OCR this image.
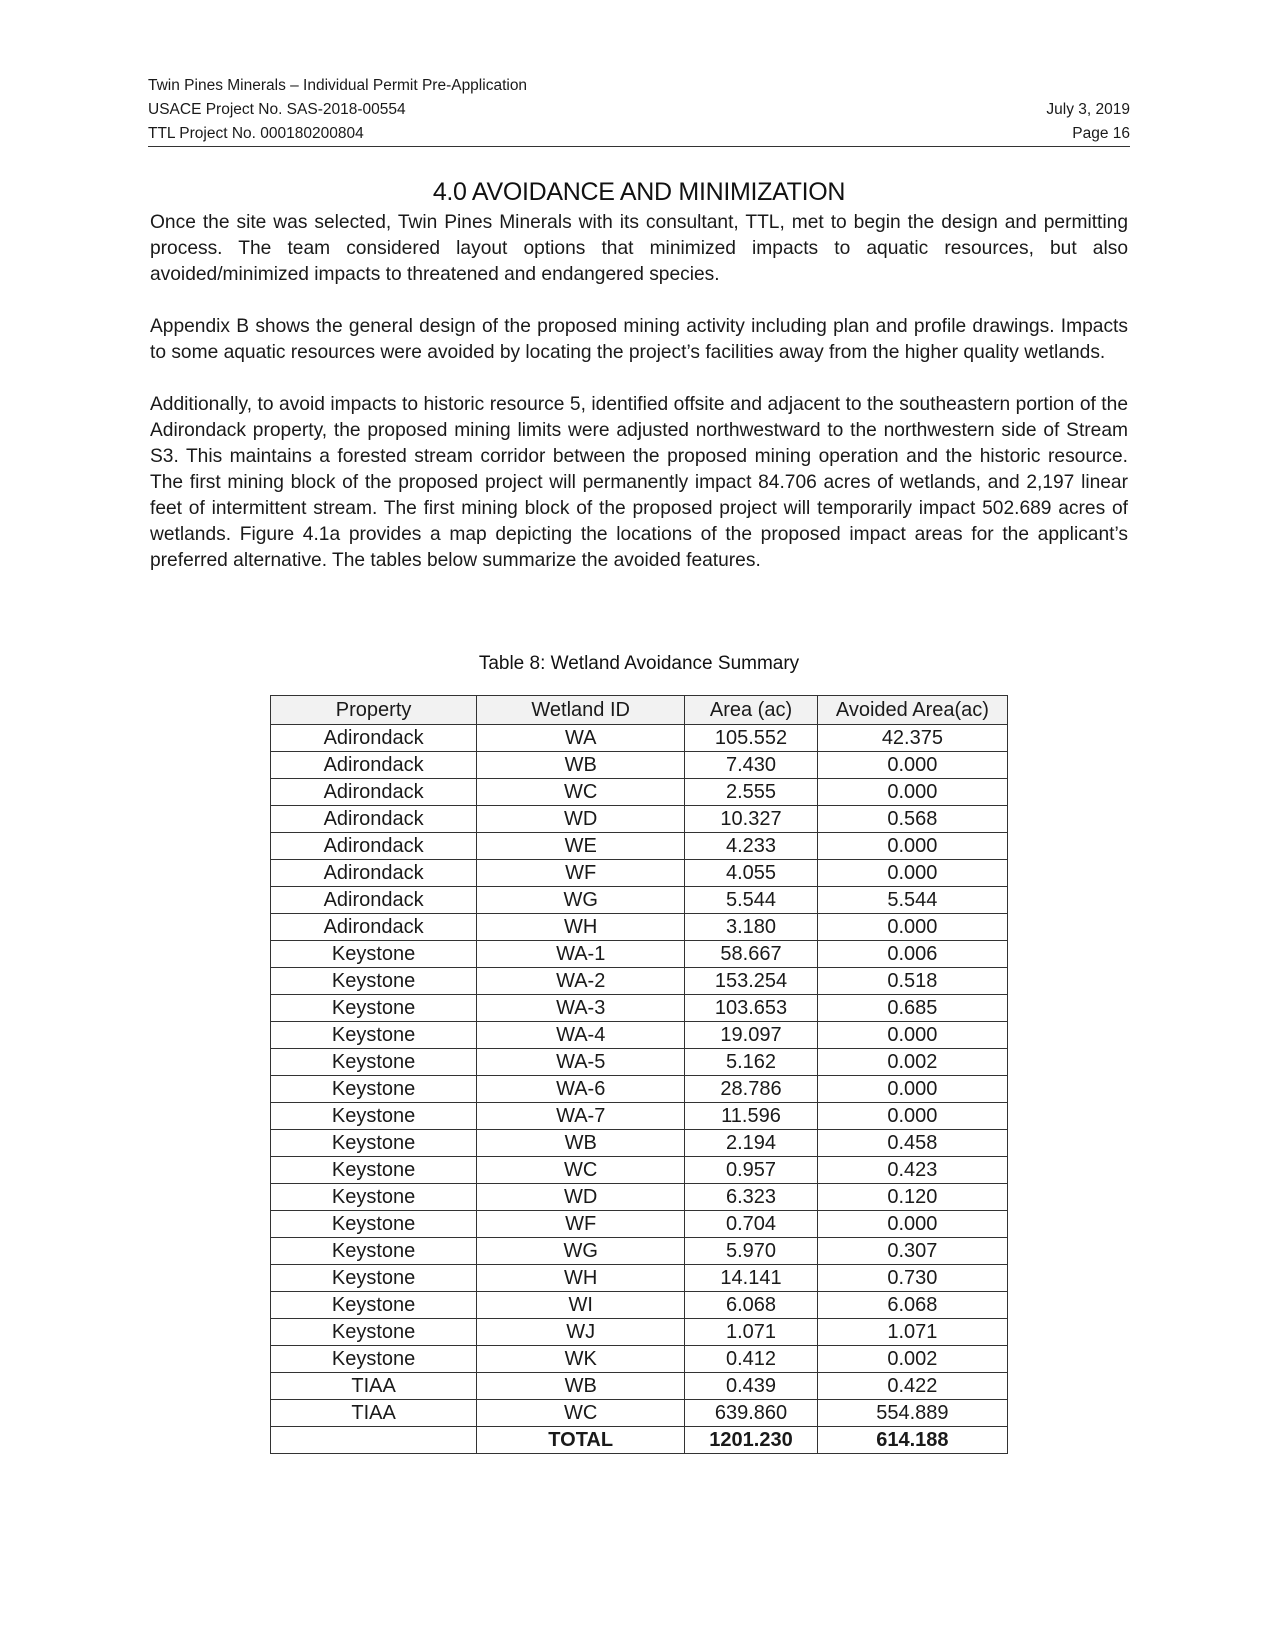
Twin Pines Minerals – Individual Permit Pre-Application
USACE Project No. SAS-2018-00554	July 3, 2019
TTL Project No. 000180200804	Page 16
4.0 AVOIDANCE AND MINIMIZATION

Once the site was selected, Twin Pines Minerals with its consultant, TTL, met to begin the design and permitting process. The team considered layout options that minimized impacts to aquatic resources, but also avoided/minimized impacts to threatened and endangered species.

Appendix B shows the general design of the proposed mining activity including plan and profile drawings. Impacts to some aquatic resources were avoided by locating the project’s facilities away from the higher quality wetlands.

Additionally, to avoid impacts to historic resource 5, identified offsite and adjacent to the southeastern portion of the Adirondack property, the proposed mining limits were adjusted northwestward to the northwestern side of Stream S3. This maintains a forested stream corridor between the proposed mining operation and the historic resource. The first mining block of the proposed project will permanently impact 84.706 acres of wetlands, and 2,197 linear feet of intermittent stream. The first mining block of the proposed project will temporarily impact 502.689 acres of wetlands. Figure 4.1a provides a map depicting the locations of the proposed impact areas for the applicant’s preferred alternative. The tables below summarize the avoided features.

Table 8: Wetland Avoidance Summary
Property	Wetland ID	Area (ac)	Avoided Area(ac)
Adirondack	WA	105.552	42.375
Adirondack	WB	7.430	0.000
Adirondack	WC	2.555	0.000
Adirondack	WD	10.327	0.568
Adirondack	WE	4.233	0.000
Adirondack	WF	4.055	0.000
Adirondack	WG	5.544	5.544
Adirondack	WH	3.180	0.000
Keystone	WA-1	58.667	0.006
Keystone	WA-2	153.254	0.518
Keystone	WA-3	103.653	0.685
Keystone	WA-4	19.097	0.000
Keystone	WA-5	5.162	0.002
Keystone	WA-6	28.786	0.000
Keystone	WA-7	11.596	0.000
Keystone	WB	2.194	0.458
Keystone	WC	0.957	0.423
Keystone	WD	6.323	0.120
Keystone	WF	0.704	0.000
Keystone	WG	5.970	0.307
Keystone	WH	14.141	0.730
Keystone	WI	6.068	6.068
Keystone	WJ	1.071	1.071
Keystone	WK	0.412	0.002
TIAA	WB	0.439	0.422
TIAA	WC	639.860	554.889
	TOTAL	1201.230	614.188
